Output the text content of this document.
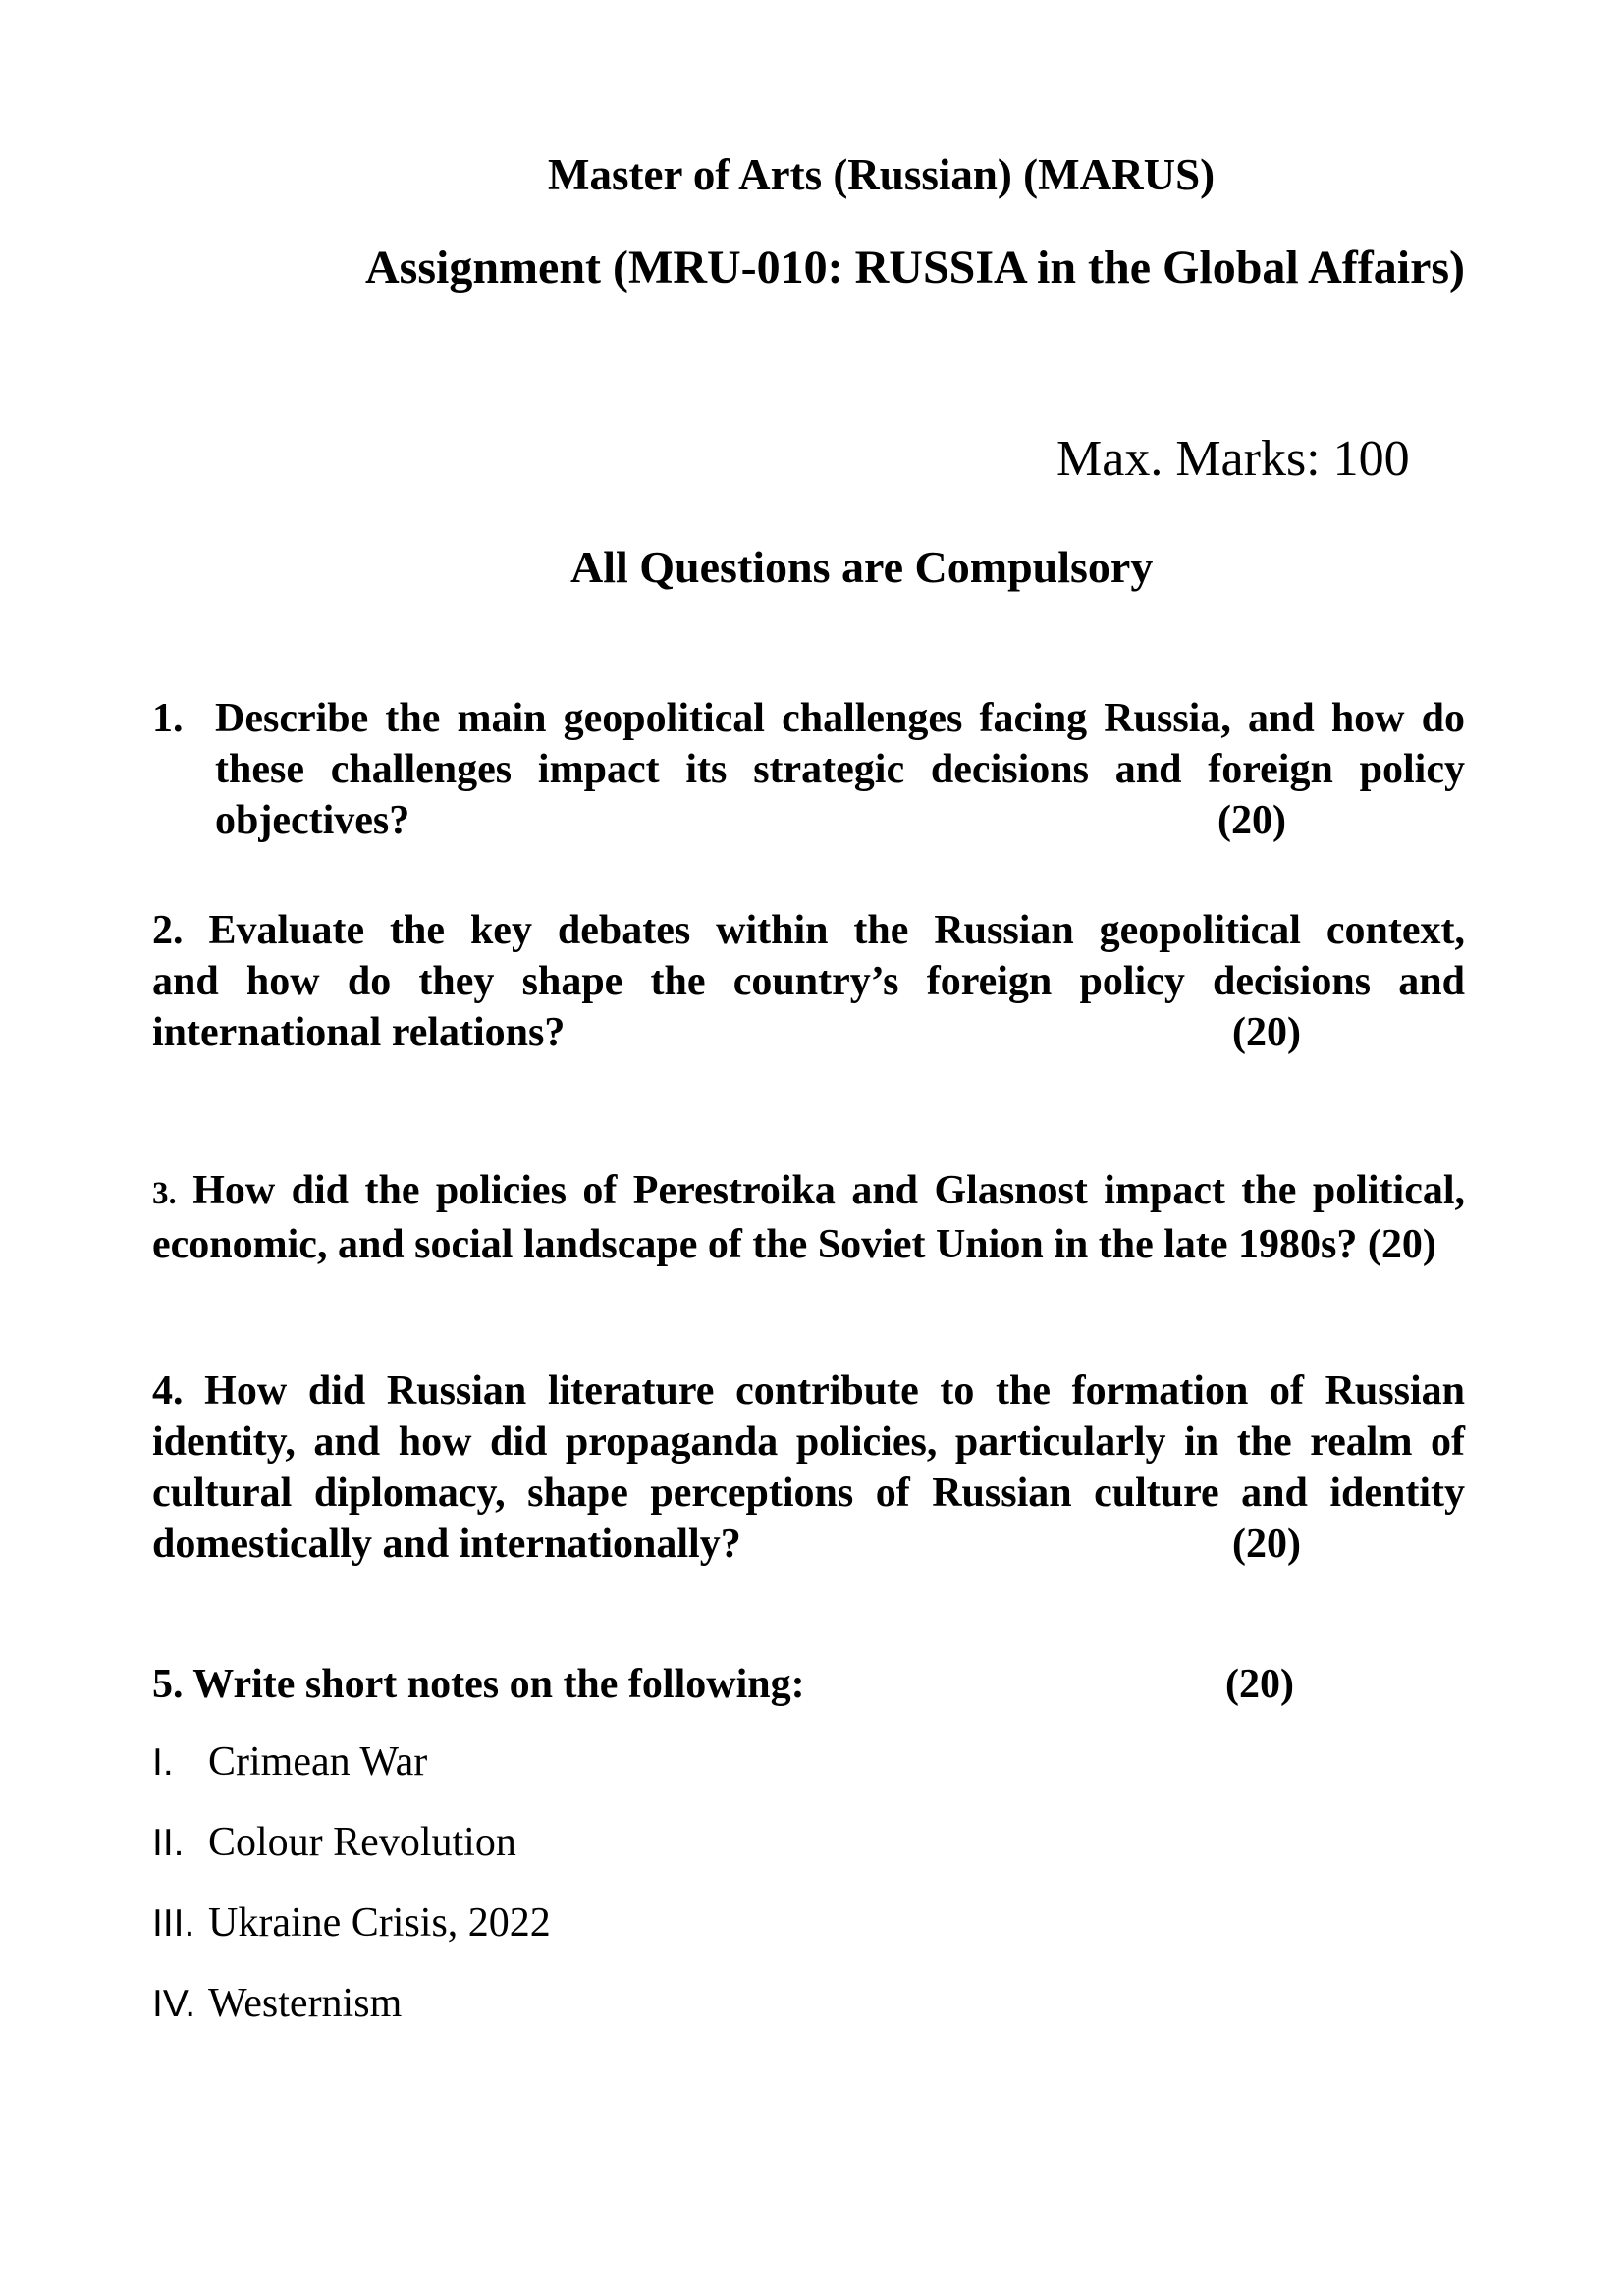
Master of Arts (Russian) (MARUS)
Assignment (MRU-010: RUSSIA in the Global Affairs)
Max. Marks: 100
All Questions are Compulsory
1. Describe the main geopolitical challenges facing Russia, and how do
these challenges impact its strategic decisions and foreign policy
objectives?	(20)
2. Evaluate the key debates within the Russian geopolitical context,
and how do they shape the country’s foreign policy decisions and
international relations?	(20)
3. How did the policies of Perestroika and Glasnost impact the political,
economic, and social landscape of the Soviet Union in the late 1980s? (20)
4. How did Russian literature contribute to the formation of Russian
identity, and how did propaganda policies, particularly in the realm of
cultural diplomacy, shape perceptions of Russian culture and identity
domestically and internationally?	(20)
5. Write short notes on the following:	(20)
I. Crimean War
II. Colour Revolution
III. Ukraine Crisis, 2022
IV. Westernism
